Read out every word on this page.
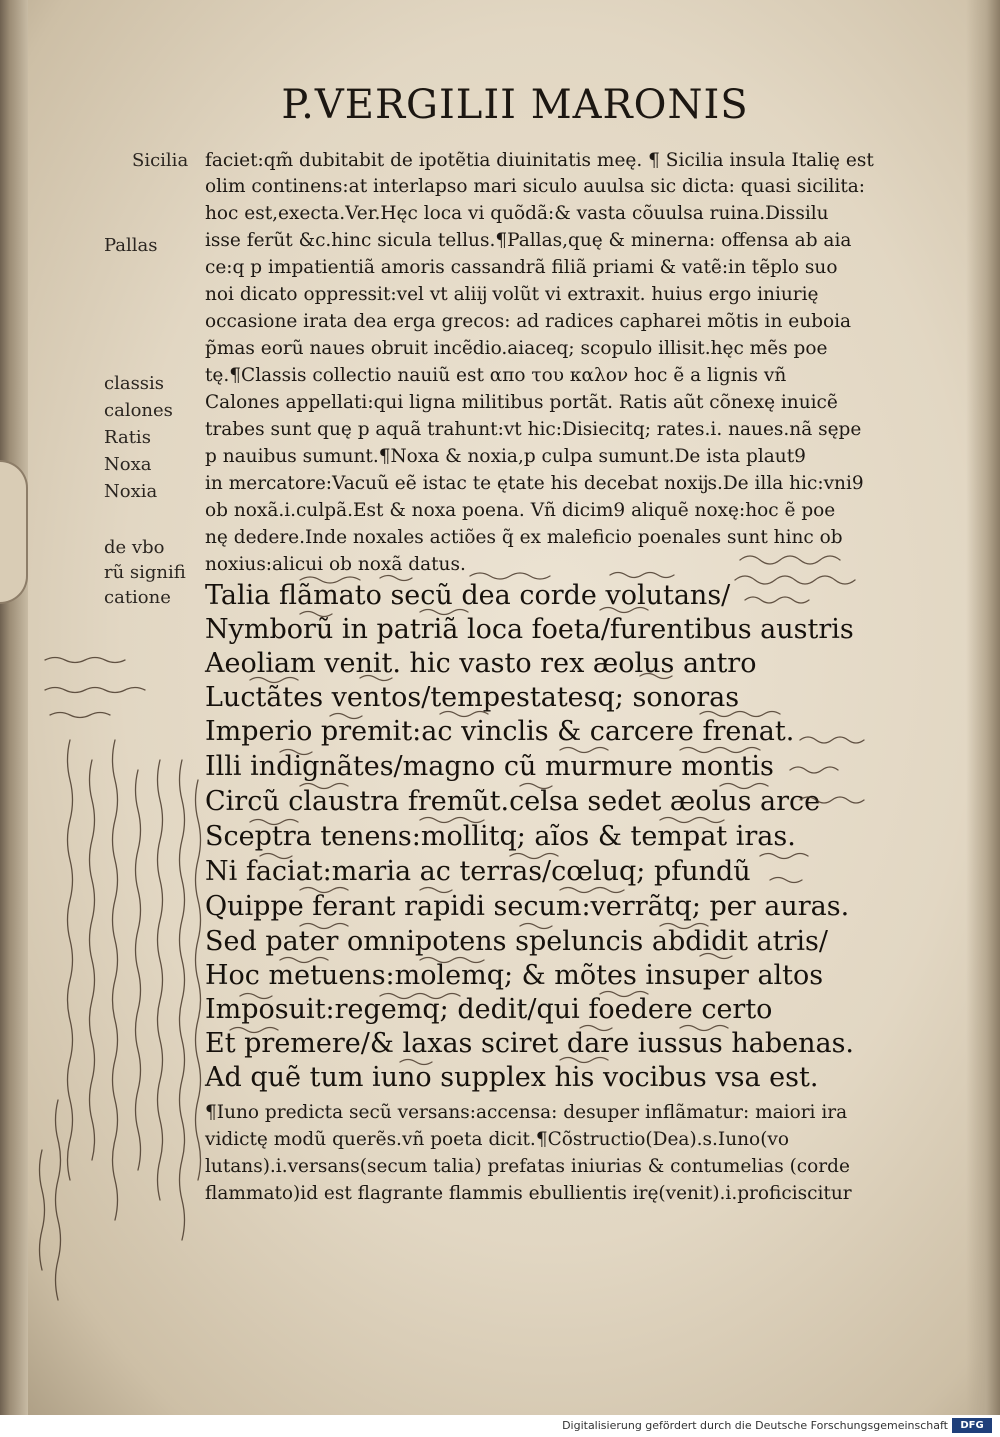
P.VERGILII MARONIS
Sicilia
Pallas
classis
calones
Ratis
Noxa
Noxia
de vbo
rũ signifi
catione
faciet:qm̃ dubitabit de ipotẽtia diuinitatis meę. ¶ Sicilia insula Italię est
olim continens:at interlapso mari siculo auulsa sic dicta: quasi sicilita:
hoc est,execta.Ver.Hęc loca vi quõdã:& vasta cõuulsa ruina.Dissilu
isse ferũt &c.hinc sicula tellus.¶Pallas,quę & minerna: offensa ab aia
ce:q p impatientiã amoris cassandrã filiã priami & vatẽ:in tẽplo suo
noi dicato oppressit:vel vt aliĳ volũt vi extraxit. huius ergo iniurię
occasione irata dea erga grecos: ad radices capharei mõtis in euboia
p̃mas eorũ naues obruit incẽdio.aiaceq; scopulo illisit.hęc mẽs poe
tę.¶Classis collectio nauiũ est απο του καλον hoc ẽ a lignis vñ
Calones appellati:qui ligna militibus portãt. Ratis aũt cõnexę inuicẽ
trabes sunt quę p aquã trahunt:vt hic:Disiecitq; rates.i. naues.nã sępe
p nauibus sumunt.¶Noxa & noxia,p culpa sumunt.De ista plaut9
in mercatore:Vacuũ eẽ istac te ętate his decebat noxĳs.De illa hic:vni9
ob noxã.i.culpã.Est & noxa poena. Vñ dicim9 aliquẽ noxę:hoc ẽ poe
nę dedere.Inde noxales actiões q̃ ex maleficio poenales sunt hinc ob
noxius:alicui ob noxã datus.
Talia flãmato secũ dea corde volutans/
Nymborũ in patriã loca foeta/furentibus austris
Aeoliam venit. hic vasto rex æolus antro
Luctãtes ventos/tempestatesq; sonoras
Imperio premit:ac vinclis & carcere frenat.
Illi indignãtes/magno cũ murmure montis
Circũ claustra fremũt.celsa sedet æolus arce
Sceptra tenens:mollitq; aĩos & tempat iras.
Ni faciat:maria ac terras/cœluq; pfundũ
Quippe ferant rapidi secum:verrãtq; per auras.
Sed pater omnipotens speluncis abdidit atris/
Hoc metuens:molemq; & mõtes insuper altos
Imposuit:regemq; dedit/qui foedere certo
Et premere/& laxas sciret dare iussus habenas.
Ad quẽ tum iuno supplex his vocibus vsa est.
¶Iuno predicta secũ versans:accensa: desuper inflãmatur: maiori ira
vidictę modũ querẽs.vñ poeta dicit.¶Cõstructio(Dea).s.Iuno(vo
lutans).i.versans(secum talia) prefatas iniurias & contumelias (corde
flammato)id est flagrante flammis ebullientis irę(venit).i.proficiscitur
Digitalisierung gefördert durch die Deutsche Forschungsgemeinschaft	DFG
